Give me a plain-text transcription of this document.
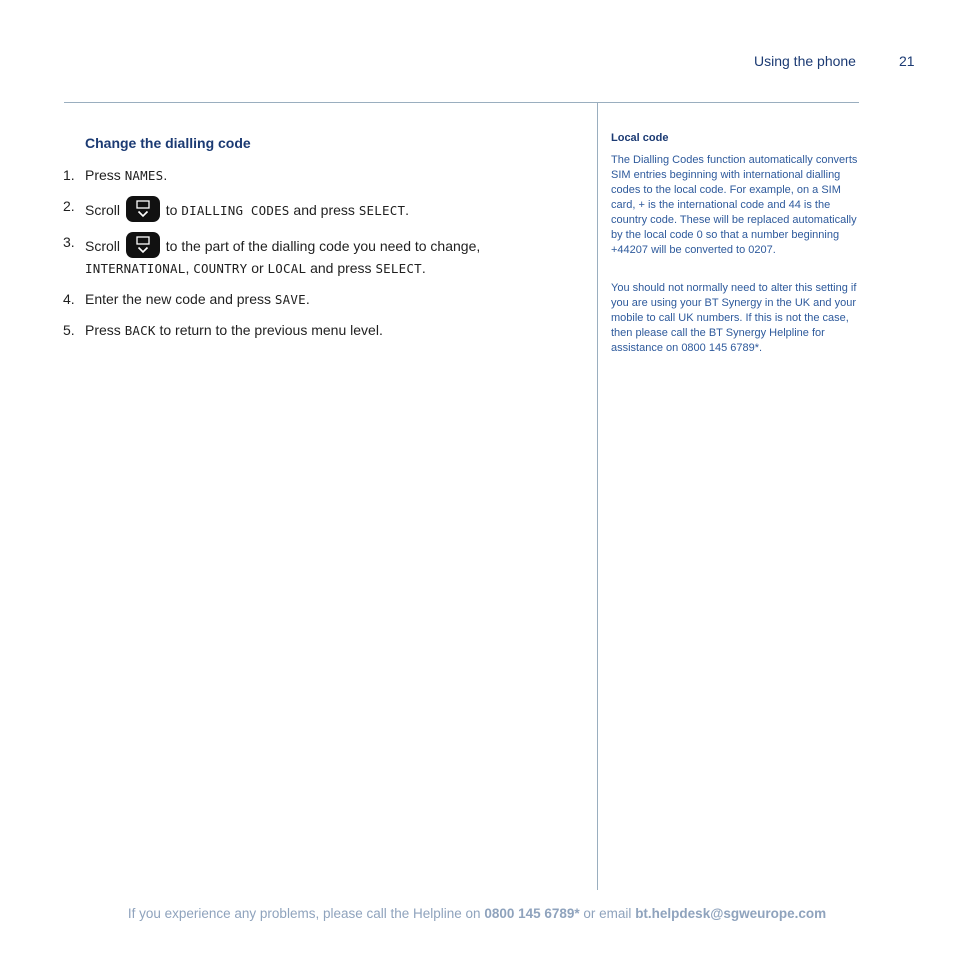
Using the phone	21
Change the dialling code
1. Press NAMES.
2. Scroll	to DIALLING CODES and press SELECT.
3. Scroll	to the part of the dialling code you need to change,
INTERNATIONAL, COUNTRY or LOCAL and press SELECT.
4. Enter the new code and press SAVE.
5. Press BACK to return to the previous menu level.
Local code

The Dialling Codes function automatically converts SIM entries beginning with international dialling codes to the local code. For example, on a SIM card, + is the international code and 44 is the country code. These will be replaced automatically by the local code 0 so that a number beginning +44207 will be converted to 0207.

You should not normally need to alter this setting if you are using your BT Synergy in the UK and your mobile to call UK numbers. If this is not the case, then please call the BT Synergy Helpline for assistance on 0800 145 6789*.

If you experience any problems, please call the Helpline on 0800 145 6789* or email bt.helpdesk@sgweurope.com
